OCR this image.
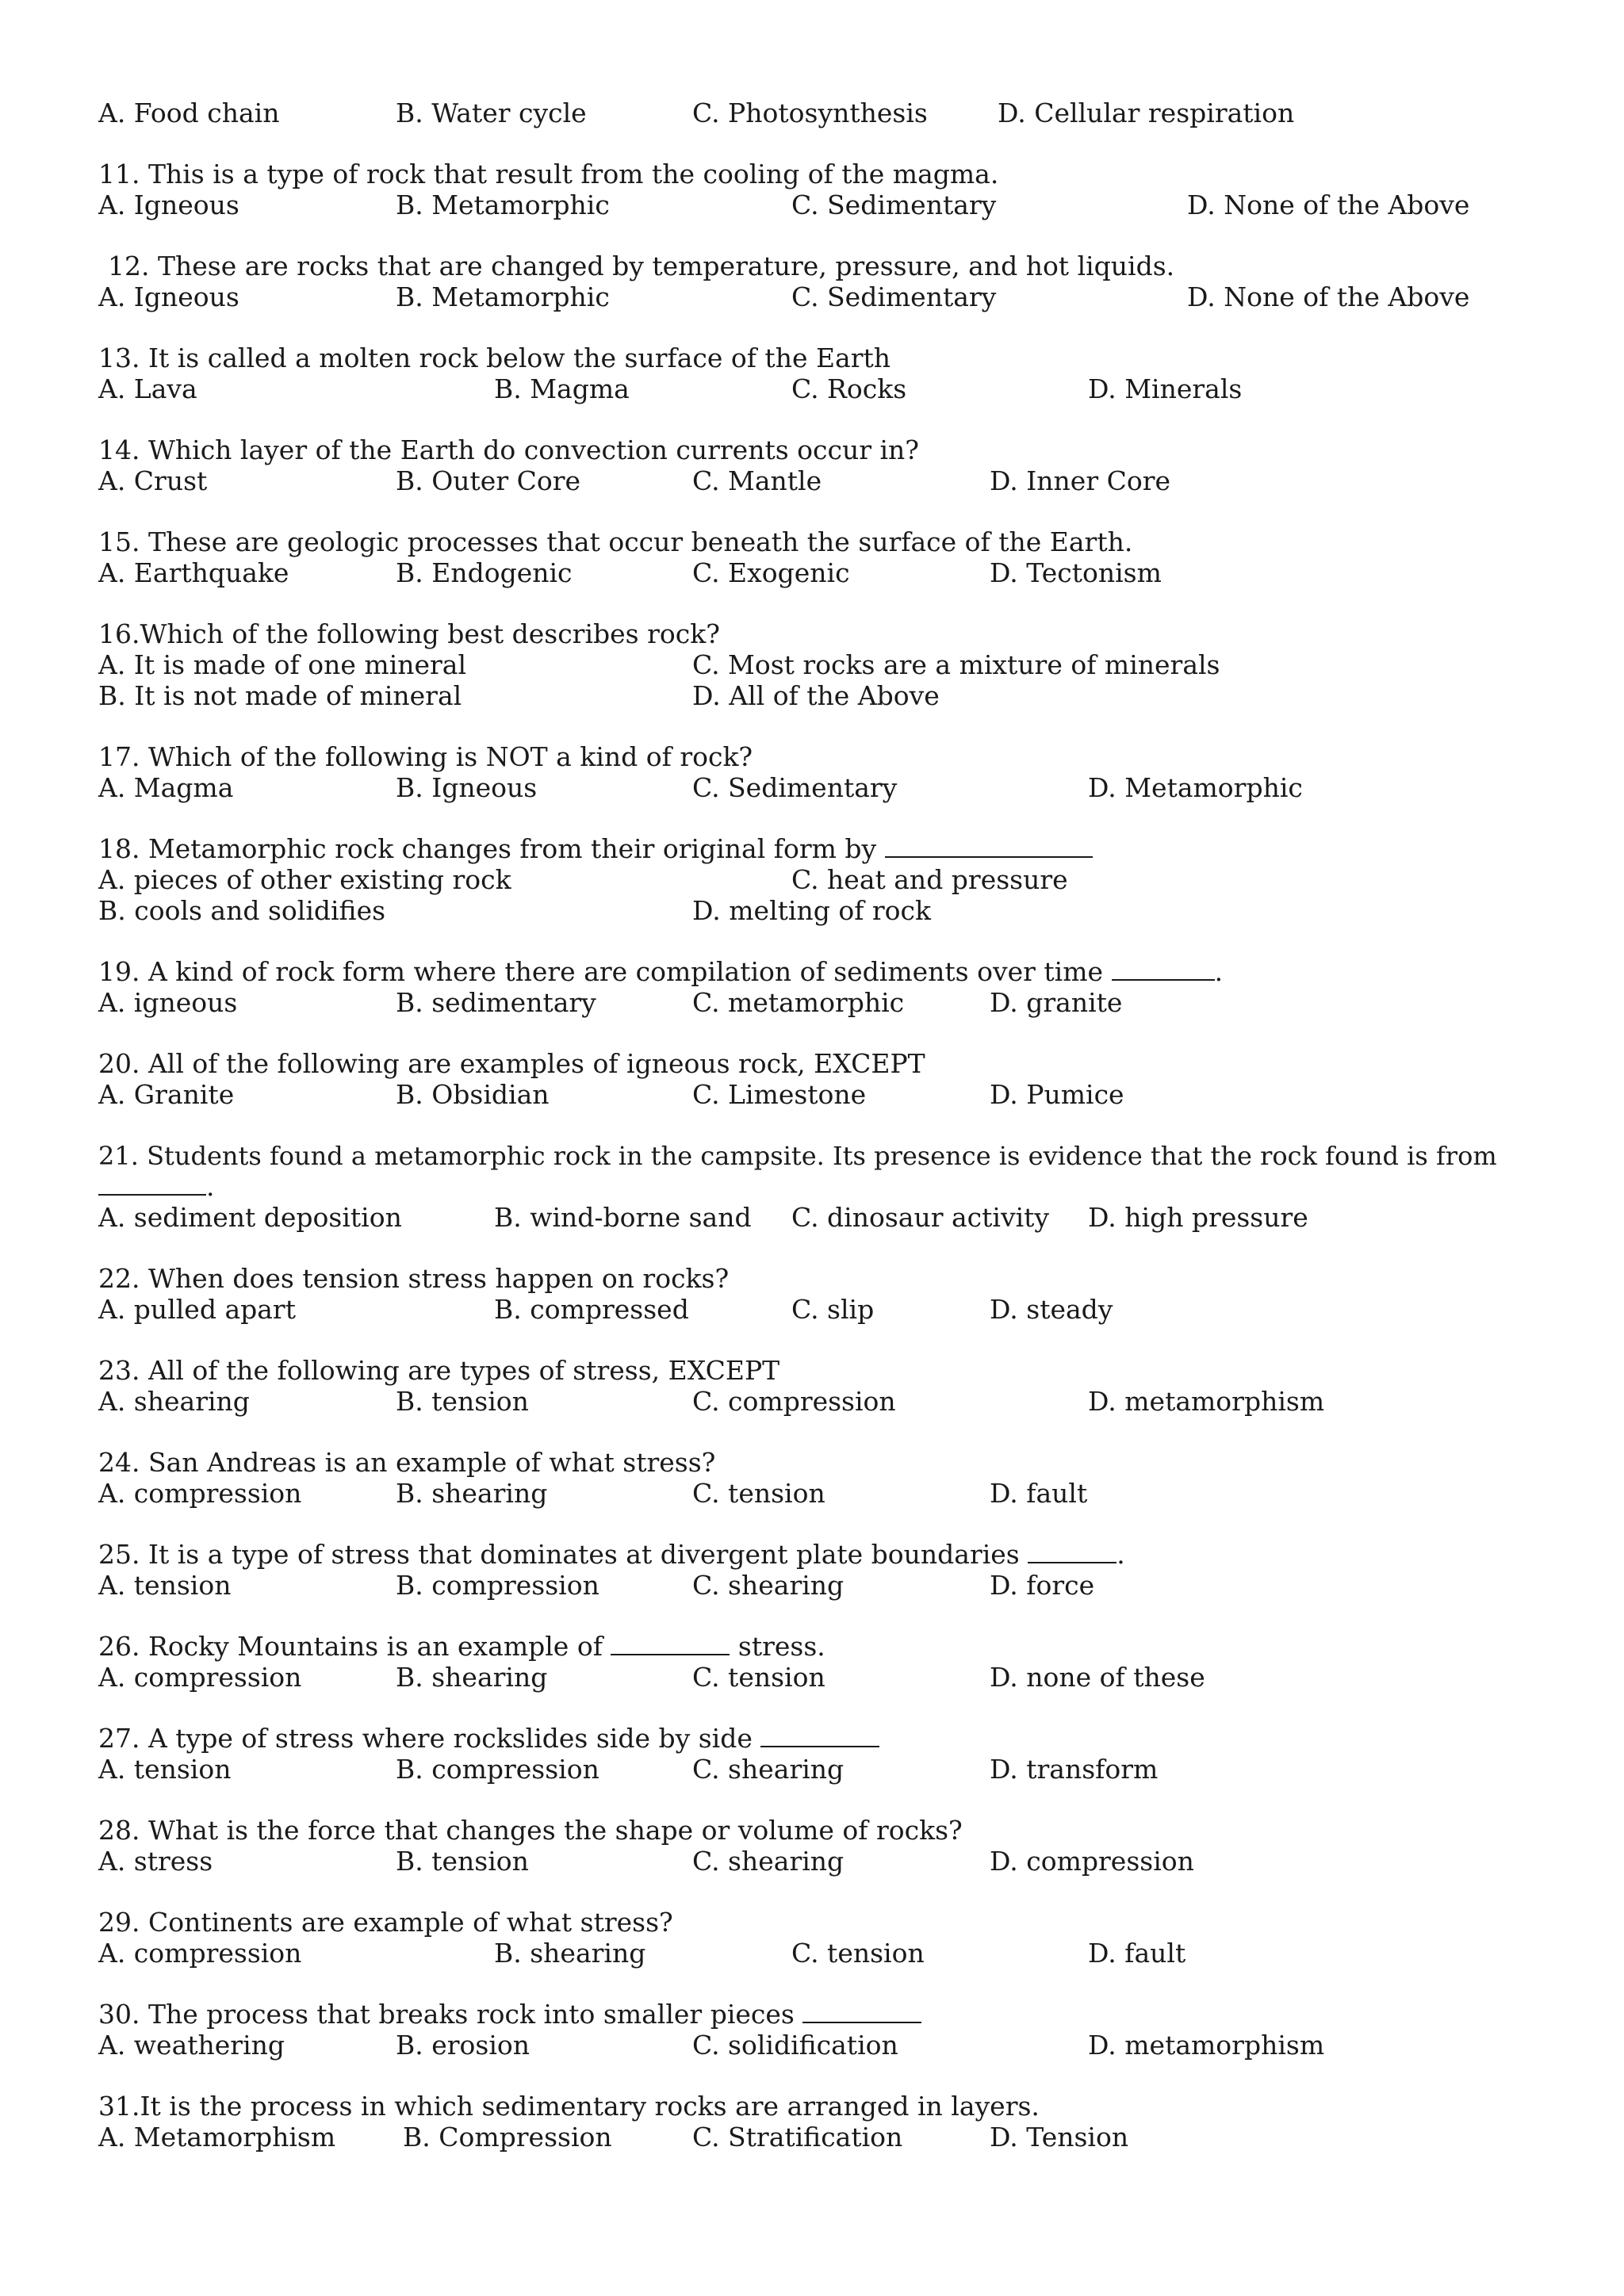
A. Food chain	B. Water cycle	C. Photosynthesis	D. Cellular respiration
11. This is a type of rock that result from the cooling of the magma.
A. Igneous	B. Metamorphic	C. Sedimentary	D. None of the Above
12. These are rocks that are changed by temperature, pressure, and hot liquids.
A. Igneous	B. Metamorphic	C. Sedimentary	D. None of the Above
13. It is called a molten rock below the surface of the Earth
A. Lava	B. Magma	C. Rocks	D. Minerals
14. Which layer of the Earth do convection currents occur in?
A. Crust	B. Outer Core	C. Mantle	D. Inner Core
15. These are geologic processes that occur beneath the surface of the Earth.
A. Earthquake	B. Endogenic	C. Exogenic	D. Tectonism
16.Which of the following best describes rock?
A. It is made of one mineral	C. Most rocks are a mixture of minerals
B. It is not made of mineral	D. All of the Above
17. Which of the following is NOT a kind of rock?
A. Magma	B. Igneous	C. Sedimentary	D. Metamorphic
18. Metamorphic rock changes from their original form by
A. pieces of other existing rock	C. heat and pressure
B. cools and solidifies	D. melting of rock
19. A kind of rock form where there are compilation of sediments over time	.
A. igneous	B. sedimentary	C. metamorphic	D. granite
20. All of the following are examples of igneous rock, EXCEPT
A. Granite	B. Obsidian	C. Limestone	D. Pumice
21. Students found a metamorphic rock in the campsite. Its presence is evidence that the rock found is from
.
A. sediment deposition	B. wind-borne sand C. dinosaur activity D. high pressure
22. When does tension stress happen on rocks?
A. pulled apart	B. compressed	C. slip	D. steady
23. All of the following are types of stress, EXCEPT
A. shearing	B. tension	C. compression	D. metamorphism
24. San Andreas is an example of what stress?
A. compression	B. shearing	C. tension	D. fault
25. It is a type of stress that dominates at divergent plate boundaries	.
A. tension	B. compression	C. shearing	D. force
26. Rocky Mountains is an example of	stress.
A. compression	B. shearing	C. tension	D. none of these
27. A type of stress where rockslides side by side
A. tension	B. compression	C. shearing	D. transform
28. What is the force that changes the shape or volume of rocks?
A. stress	B. tension	C. shearing	D. compression
29. Continents are example of what stress?
A. compression	B. shearing	C. tension	D. fault
30. The process that breaks rock into smaller pieces
A. weathering	B. erosion	C. solidification	D. metamorphism
31.It is the process in which sedimentary rocks are arranged in layers.
A. Metamorphism	B. Compression	C. Stratification	D. Tension
